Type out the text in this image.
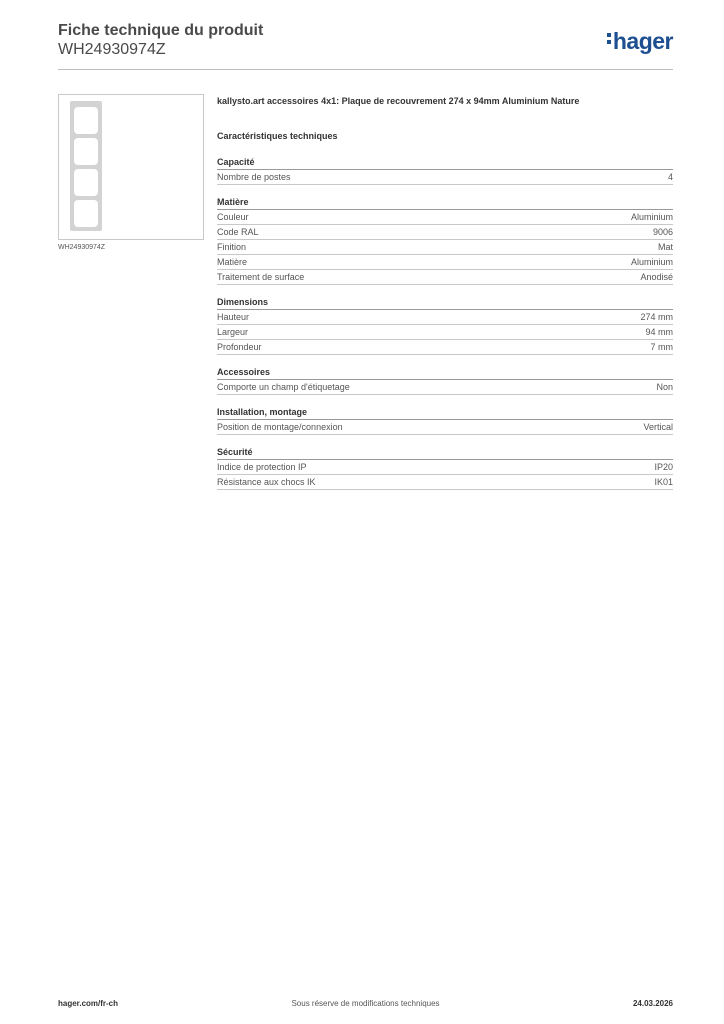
Fiche technique du produit
WH24930974Z	hager
WH24930974Z

kallysto.art accessoires 4x1: Plaque de recouvrement 274 x 94mm Aluminium Nature

Caractéristiques techniques
Capacité
Nombre de postes	4
Matière
Couleur	Aluminium
Code RAL	9006
Finition	Mat
Matière	Aluminium
Traitement de surface	Anodisé
Dimensions
Hauteur	274 mm
Largeur	94 mm
Profondeur	7 mm
Accessoires
Comporte un champ d'étiquetage	Non
Installation, montage
Position de montage/connexion	Vertical
Sécurité
Indice de protection IP	IP20
Résistance aux chocs IK	IK01
hager.com/fr-ch	Sous réserve de modifications techniques	24.03.2026
